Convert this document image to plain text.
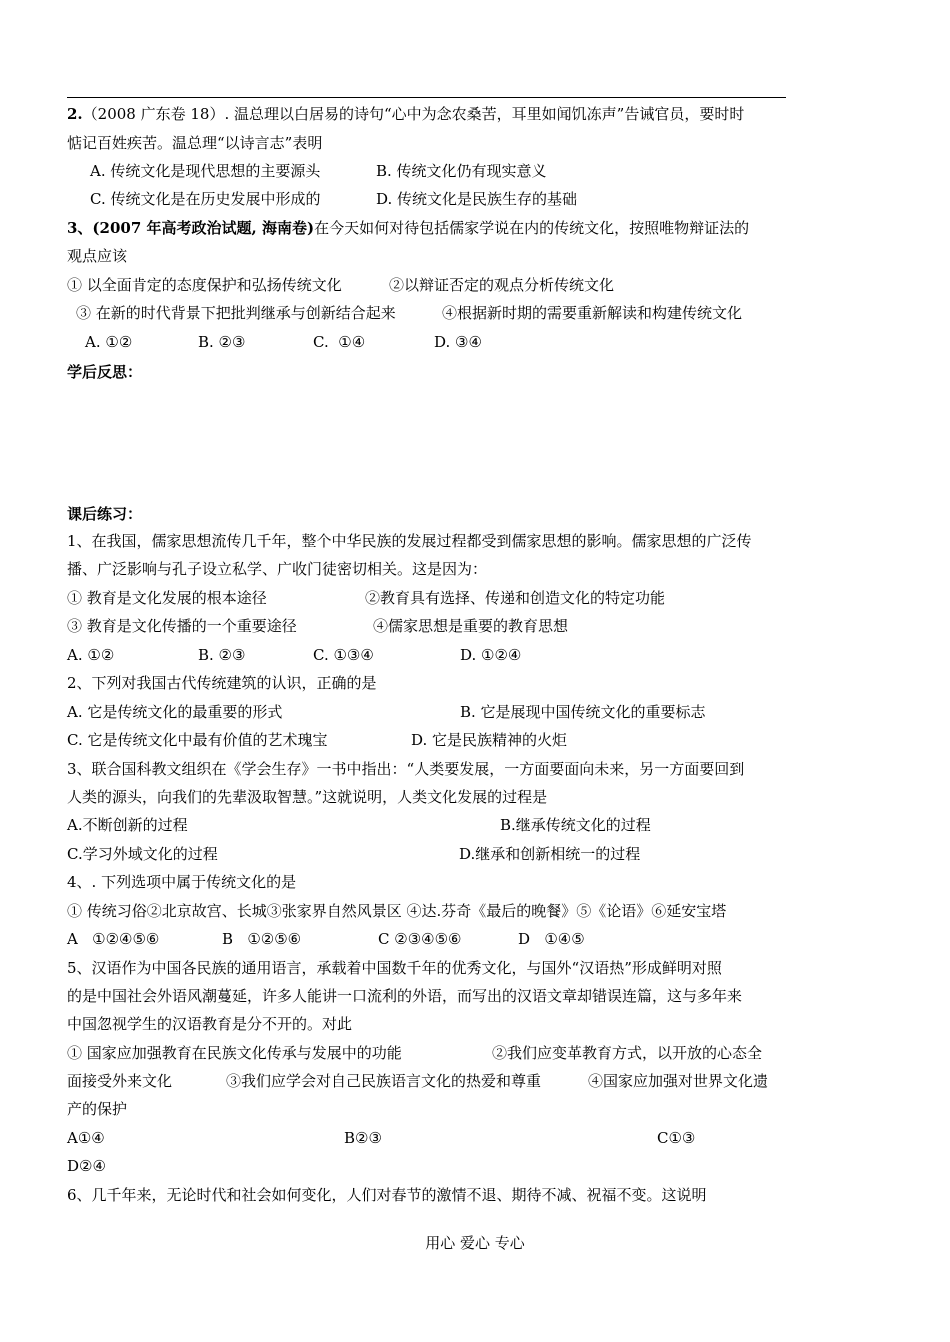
2.（2008 广东卷 18）. 温总理以白居易的诗句“心中为念农桑苦，耳里如闻饥冻声”告诫官员，要时时
惦记百姓疾苦。温总理“以诗言志”表明
A. 传统文化是现代思想的主要源头	B. 传统文化仍有现实意义
C. 传统文化是在历史发展中形成的	D. 传统文化是民族生存的基础
3、(2007 年高考政治试题, 海南卷)在今天如何对待包括儒家学说在内的传统文化，按照唯物辩证法的
观点应该
① 以全面肯定的态度保护和弘扬传统文化	②以辩证否定的观点分析传统文化
③ 在新的时代背景下把批判继承与创新结合起来	④根据新时期的需要重新解读和构建传统文化
A. ①②	B. ②③	C.  ①④	D. ③④
学后反思：
课后练习：
1、在我国，儒家思想流传几千年，整个中华民族的发展过程都受到儒家思想的影响。儒家思想的广泛传
播、广泛影响与孔子设立私学、广收门徒密切相关。这是因为：
① 教育是文化发展的根本途径	②教育具有选择、传递和创造文化的特定功能
③ 教育是文化传播的一个重要途径	④儒家思想是重要的教育思想
A. ①②	B. ②③	C. ①③④	D. ①②④
2、下列对我国古代传统建筑的认识，正确的是
A. 它是传统文化的最重要的形式	B. 它是展现中国传统文化的重要标志
C. 它是传统文化中最有价值的艺术瑰宝	D. 它是民族精神的火炬
3、联合国科教文组织在《学会生存》一书中指出：“人类要发展，一方面要面向未来，另一方面要回到
人类的源头，向我们的先辈汲取智慧。”这就说明，人类文化发展的过程是
A.不断创新的过程	B.继承传统文化的过程
C.学习外域文化的过程	D.继承和创新相统一的过程
4、. 下列选项中属于传统文化的是
① 传统习俗②北京故宫、长城③张家界自然风景区 ④达.芬奇《最后的晚餐》⑤《论语》⑥延安宝塔
A   ①②④⑤⑥	B   ①②⑤⑥	C ②③④⑤⑥	D   ①④⑤
5、汉语作为中国各民族的通用语言，承载着中国数千年的优秀文化，与国外“汉语热”形成鲜明对照
的是中国社会外语风潮蔓延，许多人能讲一口流利的外语，而写出的汉语文章却错误连篇，这与多年来
中国忽视学生的汉语教育是分不开的。对此
① 国家应加强教育在民族文化传承与发展中的功能	②我们应变革教育方式，以开放的心态全
面接受外来文化	③我们应学会对自己民族语言文化的热爱和尊重	④国家应加强对世界文化遗
产的保护
A①④	B②③	C①③
D②④
6、几千年来，无论时代和社会如何变化，人们对春节的激情不退、期待不减、祝福不变。这说明
用心 爱心 专心
